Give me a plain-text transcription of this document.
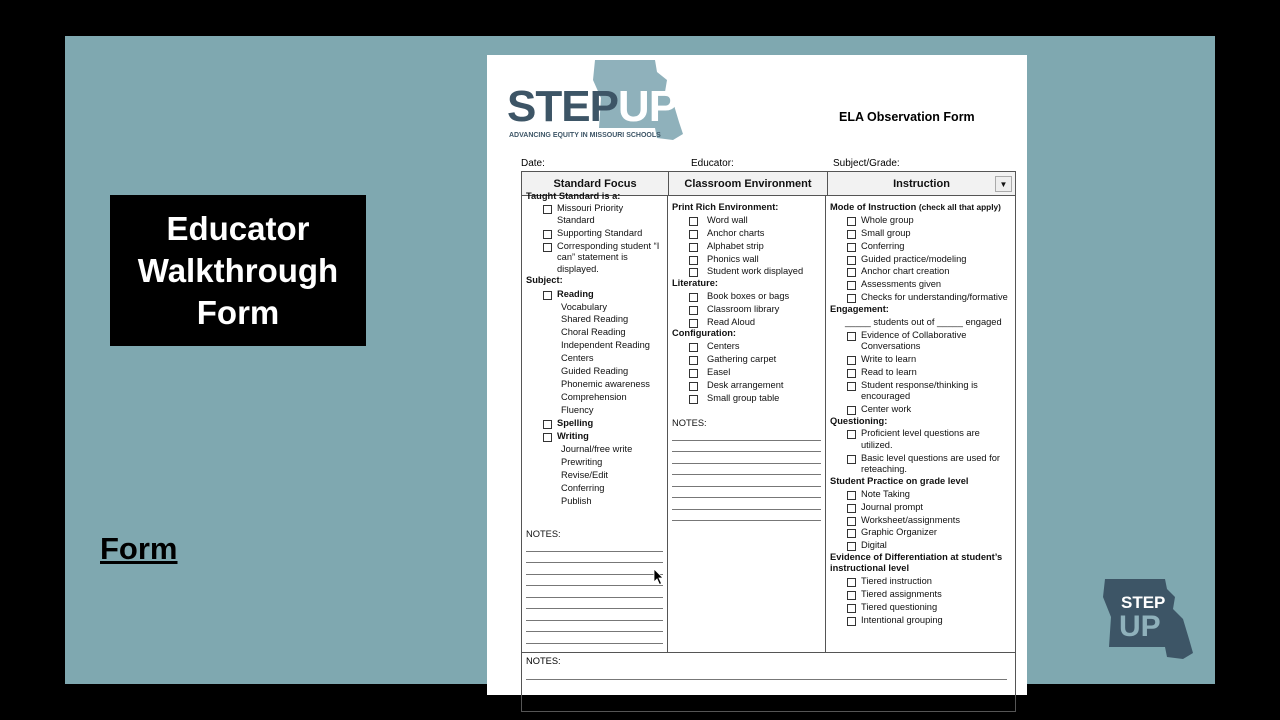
Educator
Walkthrough
Form
Form
STEPUP
ADVANCING EQUITY IN MISSOURI SCHOOLS
ELA Observation Form
Date:	Educator:	Subject/Grade:
Standard Focus	Classroom Environment	Instruction	▼
Taught Standard is a:
Missouri Priority Standard
Supporting Standard
Corresponding student “I can” statement is displayed.
Subject:
Reading
Vocabulary
Shared Reading
Choral Reading
Independent Reading
Centers
Guided Reading
Phonemic awareness
Comprehension
Fluency
Spelling
Writing
Journal/free write
Prewriting
Revise/Edit
Conferring
Publish
NOTES:
Print Rich Environment:
Word wall
Anchor charts
Alphabet strip
Phonics wall
Student work displayed
Literature:
Book boxes or bags
Classroom library
Read Aloud
Configuration:
Centers
Gathering carpet
Easel
Desk arrangement
Small group table
NOTES:
Mode of Instruction (check all that apply)
Whole group
Small group
Conferring
Guided practice/modeling
Anchor chart creation
Assessments given
Checks for understanding/formative
Engagement:
_____ students out of _____ engaged
Evidence of Collaborative Conversations
Write to learn
Read to learn
Student response/thinking is encouraged
Center work
Questioning:
Proficient level questions are utilized.
Basic level questions are used for reteaching.
Student Practice on grade level
Note Taking
Journal prompt
Worksheet/assignments
Graphic Organizer
Digital
Evidence of Differentiation at student’s instructional level
Tiered instruction
Tiered assignments
Tiered questioning
Intentional grouping
NOTES:
STEP
UP
